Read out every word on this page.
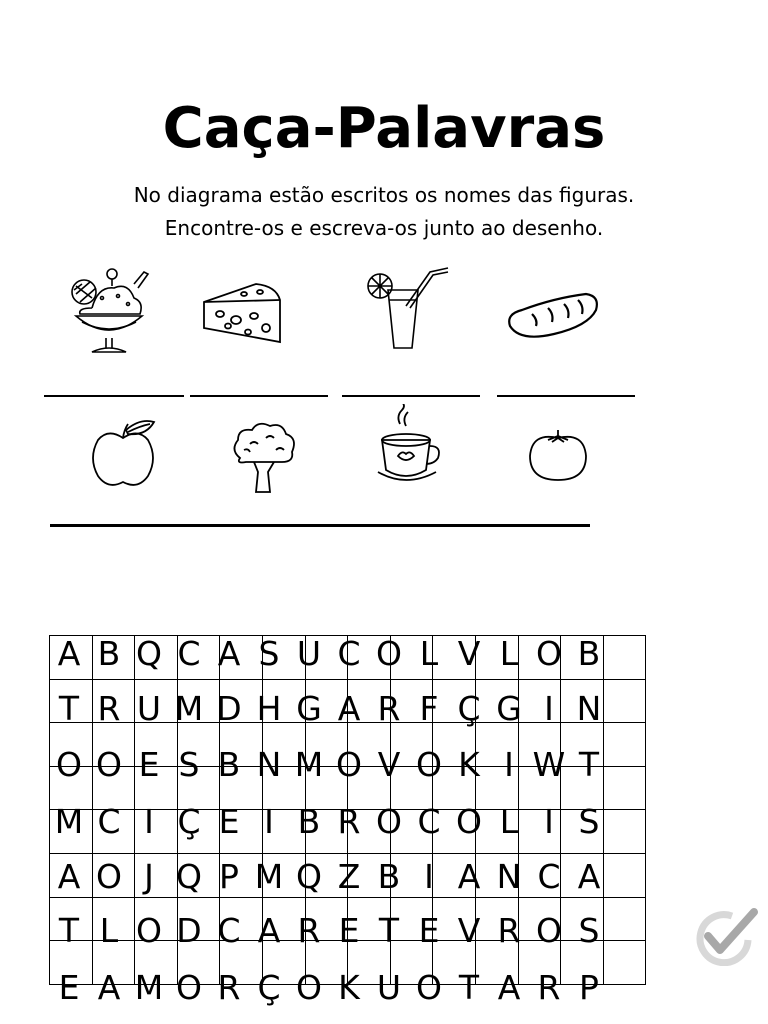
Caça-Palavras

No diagrama estão escritos os nomes das figuras.

Encontre-os e escreva-os junto ao desenho.

A B Q C A S U C O L V L O B
T R U M D H G A R F Ç G I N
O O E S B N M O V O K I W T
M C I Ç E I B R O C O L I S
A O J Q P M Q Z B I A N C A
T L O D C A R E T E V R O S
E A M O R Ç O K U O T A R P
